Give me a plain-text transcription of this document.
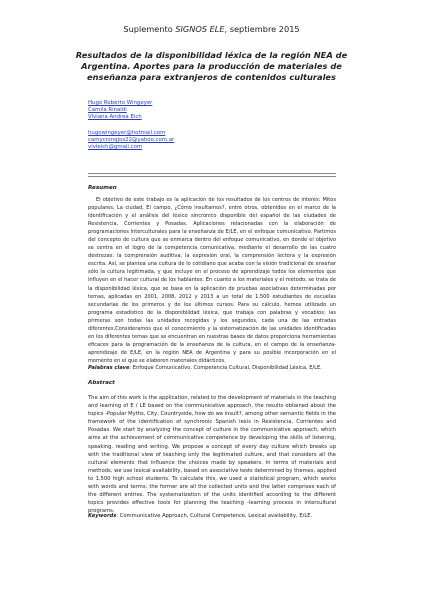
Suplemento SIGNOS ELE, septiembre 2015
Resultados de la disponibilidad léxica de la región NEA de Argentina. Aportes para la producción de materiales de enseñanza para extranjeros de contenidos culturales
Hugo Roberto Wingeyer
Camila Rinaldi
Viviana Andrea Eich
hugowingeyer@hotmail.com
camycrsnqjos22@yahoo.com.ar
vivieich@gmail.com
Resumen

El objetivo de este trabajo es la aplicación de los resultados de los centros de interés: Mitos populares, La ciudad, El campo, ¿Cómo insultamos?, entre otros, obtenidos en el marco de la identificación y el análisis del léxico sincrónico disponible del español de las ciudades de Resistencia, Corrientes y Posadas. Aplicaciones relacionadas con la elaboración de programaciones interculturales para la enseñanza de E/LE, en el enfoque comunicativo. Partimos del concepto de cultura que se enmarca dentro del enfoque comunicativo, en donde el objetivo se centra en el logro de la competencia comunicativa, mediante el desarrollo de las cuatro destrezas: la comprensión auditiva, la expresión oral, la comprensión lectora y la expresión escrita. Así, se plantea una cultura de lo cotidiano que acaba con la visión tradicional de enseñar sólo la cultura legitimada, y que incluye en el proceso de aprendizaje todos los elementos que influyen en el hacer cultural de los hablantes. En cuanto a los materiales y el método, se trata de la disponibilidad léxica, que se basa en la aplicación de pruebas asociativas determinadas por temas, aplicadas en 2001, 2008, 2012 y 2013 a un total de 1.500 estudiantes de escuelas secundarias de los primeros y de los últimos cursos. Para su cálculo, hemos utilizado un programa estadístico de la disponibilidad léxica, que trabaja con palabras y vocablos: las primeras son todas las unidades recogidas y los segundos, cada una de las entradas diferentes.Consideramos que el conocimiento y la sistematización de las unidades identificadas en los diferentes temas que se encuentran en nuestras bases de datos proporciona herramientas eficaces para la programación de la enseñanza de la cultura, en el campo de la enseñanza-aprendizaje de E/LE, en la región NEA de Argentina y para su posible incorporación en el momento en el que se elaboren materiales didácticos.

Palabras clave: Enfoque Comunicativo, Competencia Cultural, Disponibilidad Léxica, E/LE.
Abstract

The aim of this work is the application, related to the development of materials in the teaching and learning of E / LE based on the communicative approach, the results obtained about the topics -Popular Myths, City, Countryside, how do we insult?, among other semantic fields in the framework of the identification of synchronic Spanish lexis in Resistencia, Corrientes and Posadas. We start by analyzing the concept of culture in the communicative approach, which aims at the achievement of communicative competence by developing the skills of listening, speaking, reading and writing. We propose a concept of every day culture which breaks up with the traditional view of teaching only the legitimated culture, and that considers all the cultural elements that influence the choices made by speakers. In terms of materials and methods, we use lexical availability, based on associative tests determined by themes, applied to 1,500 high school students. To calculate this, we used a statistical program, which works with words and terms: the former are all the collected units and the latter comprises each of the different entries. The systematization of the units identified according to the different topics provides effective tools for planning the teaching -learning process in intercultural programs.

Keywords: Communicative Approach, Cultural Competence, Lexical availability, E/LE.
